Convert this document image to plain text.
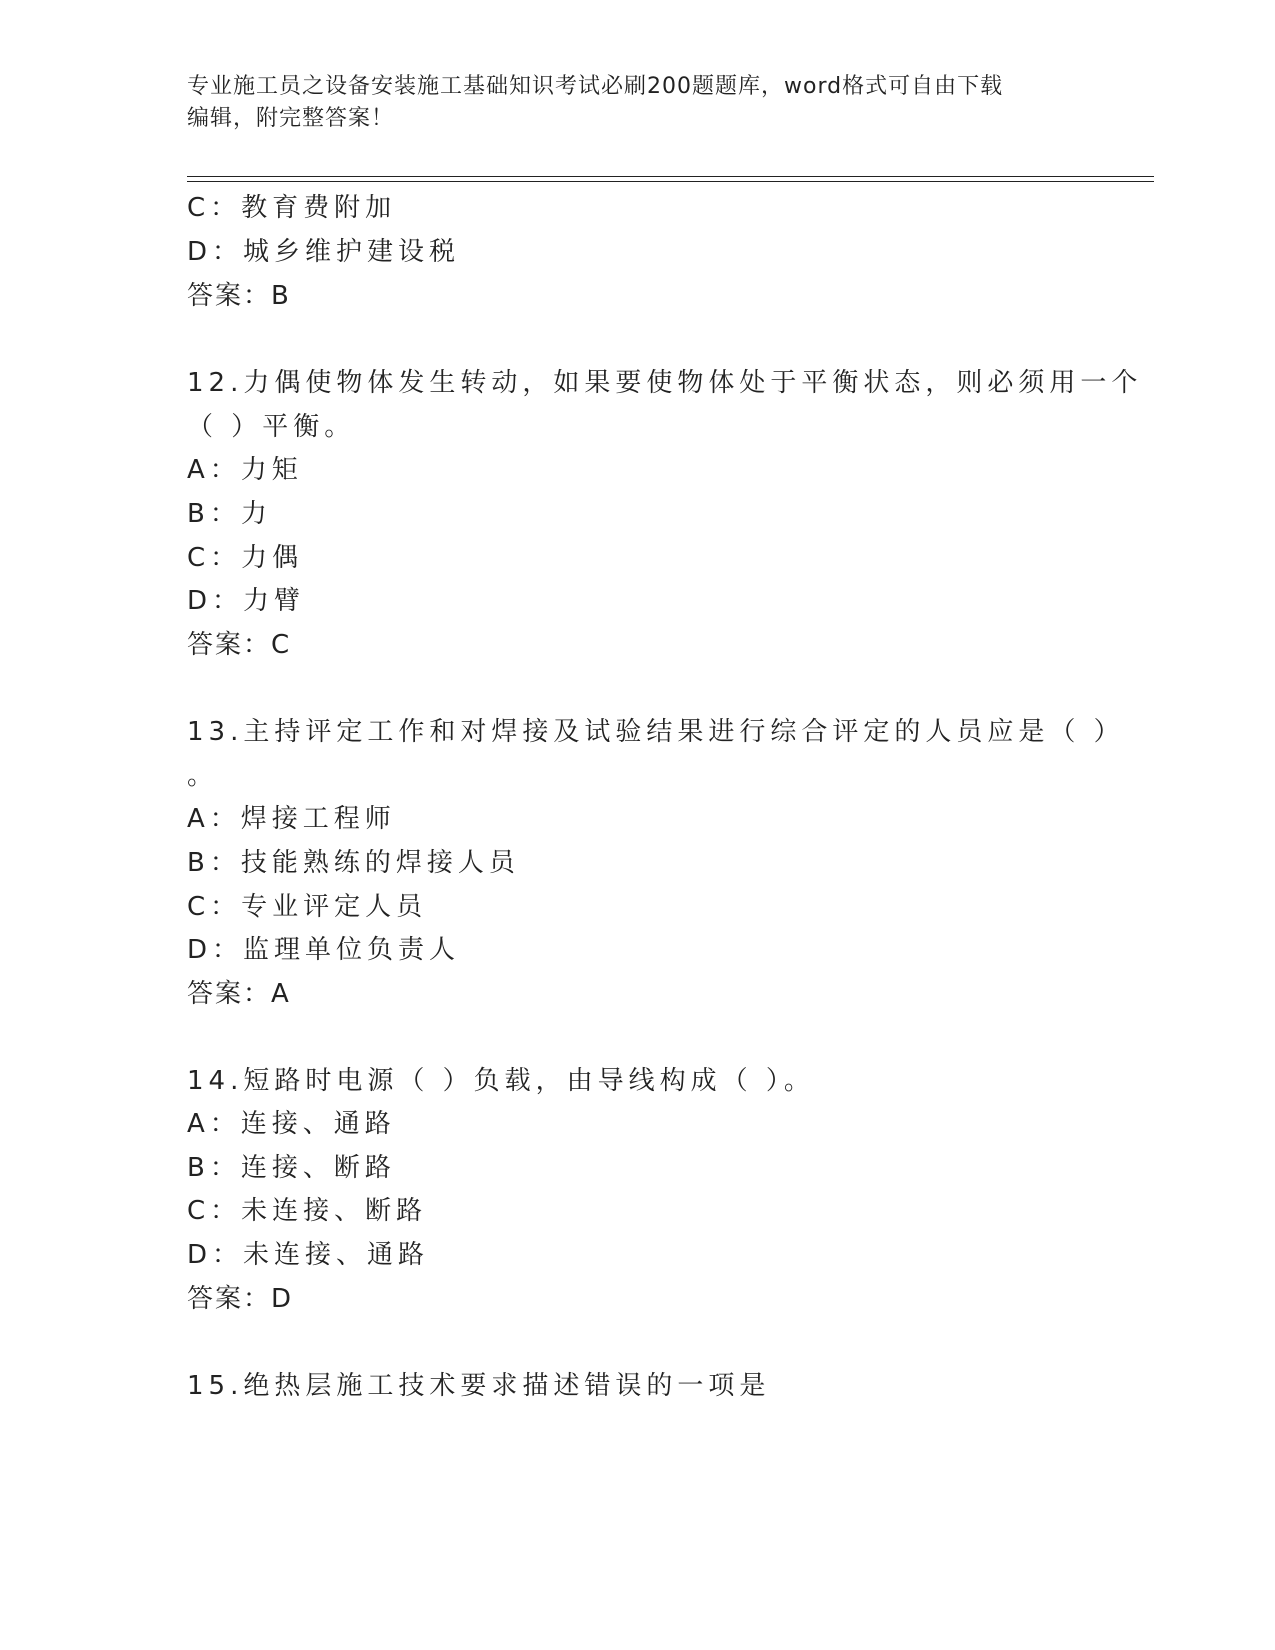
专业施工员之设备安装施工基础知识考试必刷200题题库，word格式可自由下载
编辑，附完整答案！
C：教育费附加
D：城乡维护建设税
答案：B
12.力偶使物体发生转动，如果要使物体处于平衡状态，则必须用一个
（ ）平衡。
A：力矩
B：力
C：力偶
D：力臂
答案：C
13.主持评定工作和对焊接及试验结果进行综合评定的人员应是（ ）
。
A：焊接工程师
B：技能熟练的焊接人员
C：专业评定人员
D：监理单位负责人
答案：A
14.短路时电源（ ）负载，由导线构成（ ）。
A：连接、通路
B：连接、断路
C：未连接、断路
D：未连接、通路
答案：D
15.绝热层施工技术要求描述错误的一项是
